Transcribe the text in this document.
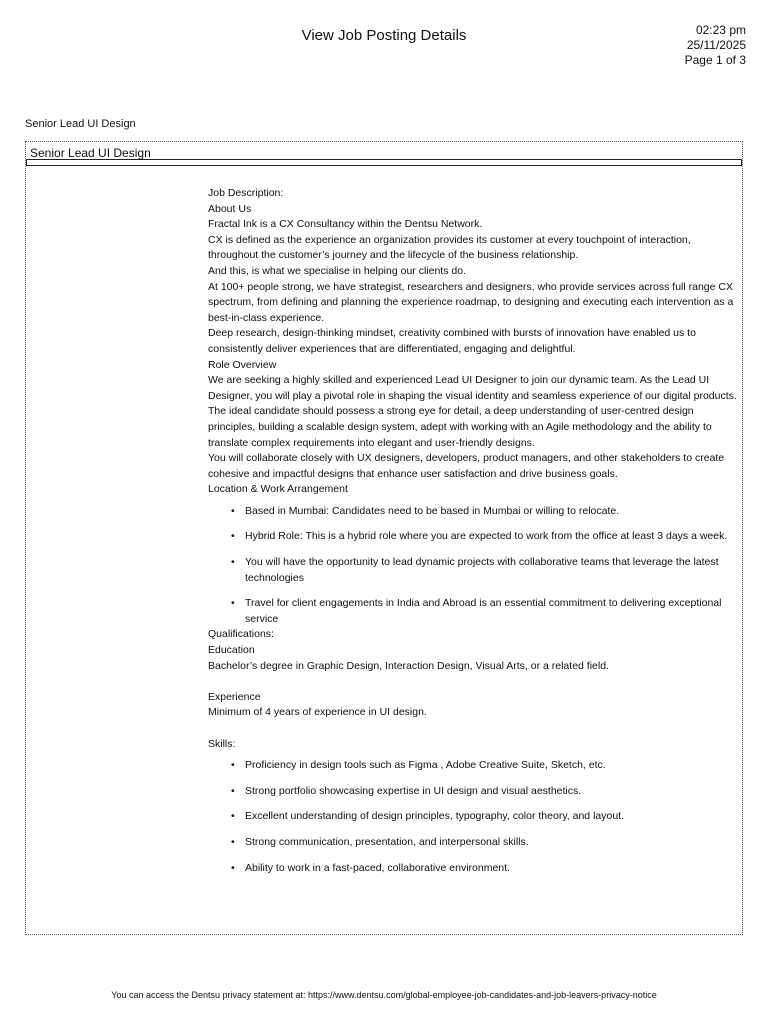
View Job Posting Details	02:23 pm
25/11/2025
Page 1 of 3
Senior Lead UI Design
Senior Lead UI Design

Job Description:

About Us

Fractal Ink is a CX Consultancy within the Dentsu Network.

CX is defined as the experience an organization provides its customer at every touchpoint of interaction, throughout the customer’s journey and the lifecycle of the business relationship.

And this, is what we specialise in helping our clients do.

At 100+ people strong, we have strategist, researchers and designers, who provide services across full range CX spectrum, from defining and planning the experience roadmap, to designing and executing each intervention as a best-in-class experience.

Deep research, design-thinking mindset, creativity combined with bursts of innovation have enabled us to consistently deliver experiences that are differentiated, engaging and delightful.

Role Overview

We are seeking a highly skilled and experienced Lead UI Designer to join our dynamic team. As the Lead UI Designer, you will play a pivotal role in shaping the visual identity and seamless experience of our digital products.

The ideal candidate should possess a strong eye for detail, a deep understanding of user-centred design principles, building a scalable design system, adept with working with an Agile methodology and the ability to translate complex requirements into elegant and user-friendly designs.

You will collaborate closely with UX designers, developers, product managers, and other stakeholders to create cohesive and impactful designs that enhance user satisfaction and drive business goals.

Location & Work Arrangement

• Based in Mumbai: Candidates need to be based in Mumbai or willing to relocate.
• Hybrid Role: This is a hybrid role where you are expected to work from the office at least 3 days a week.
• You will have the opportunity to lead dynamic projects with collaborative teams that leverage the latest technologies
• Travel for client engagements in India and Abroad is an essential commitment to delivering exceptional service

Qualifications:

Education

Bachelor’s degree in Graphic Design, Interaction Design, Visual Arts, or a related field.

Experience

Minimum of 4 years of experience in UI design.

Skills:

• Proficiency in design tools such as Figma , Adobe Creative Suite, Sketch, etc.
• Strong portfolio showcasing expertise in UI design and visual aesthetics.
• Excellent understanding of design principles, typography, color theory, and layout.
• Strong communication, presentation, and interpersonal skills.
• Ability to work in a fast-paced, collaborative environment.
You can access the Dentsu privacy statement at: https://www.dentsu.com/global-employee-job-candidates-and-job-leavers-privacy-notice
